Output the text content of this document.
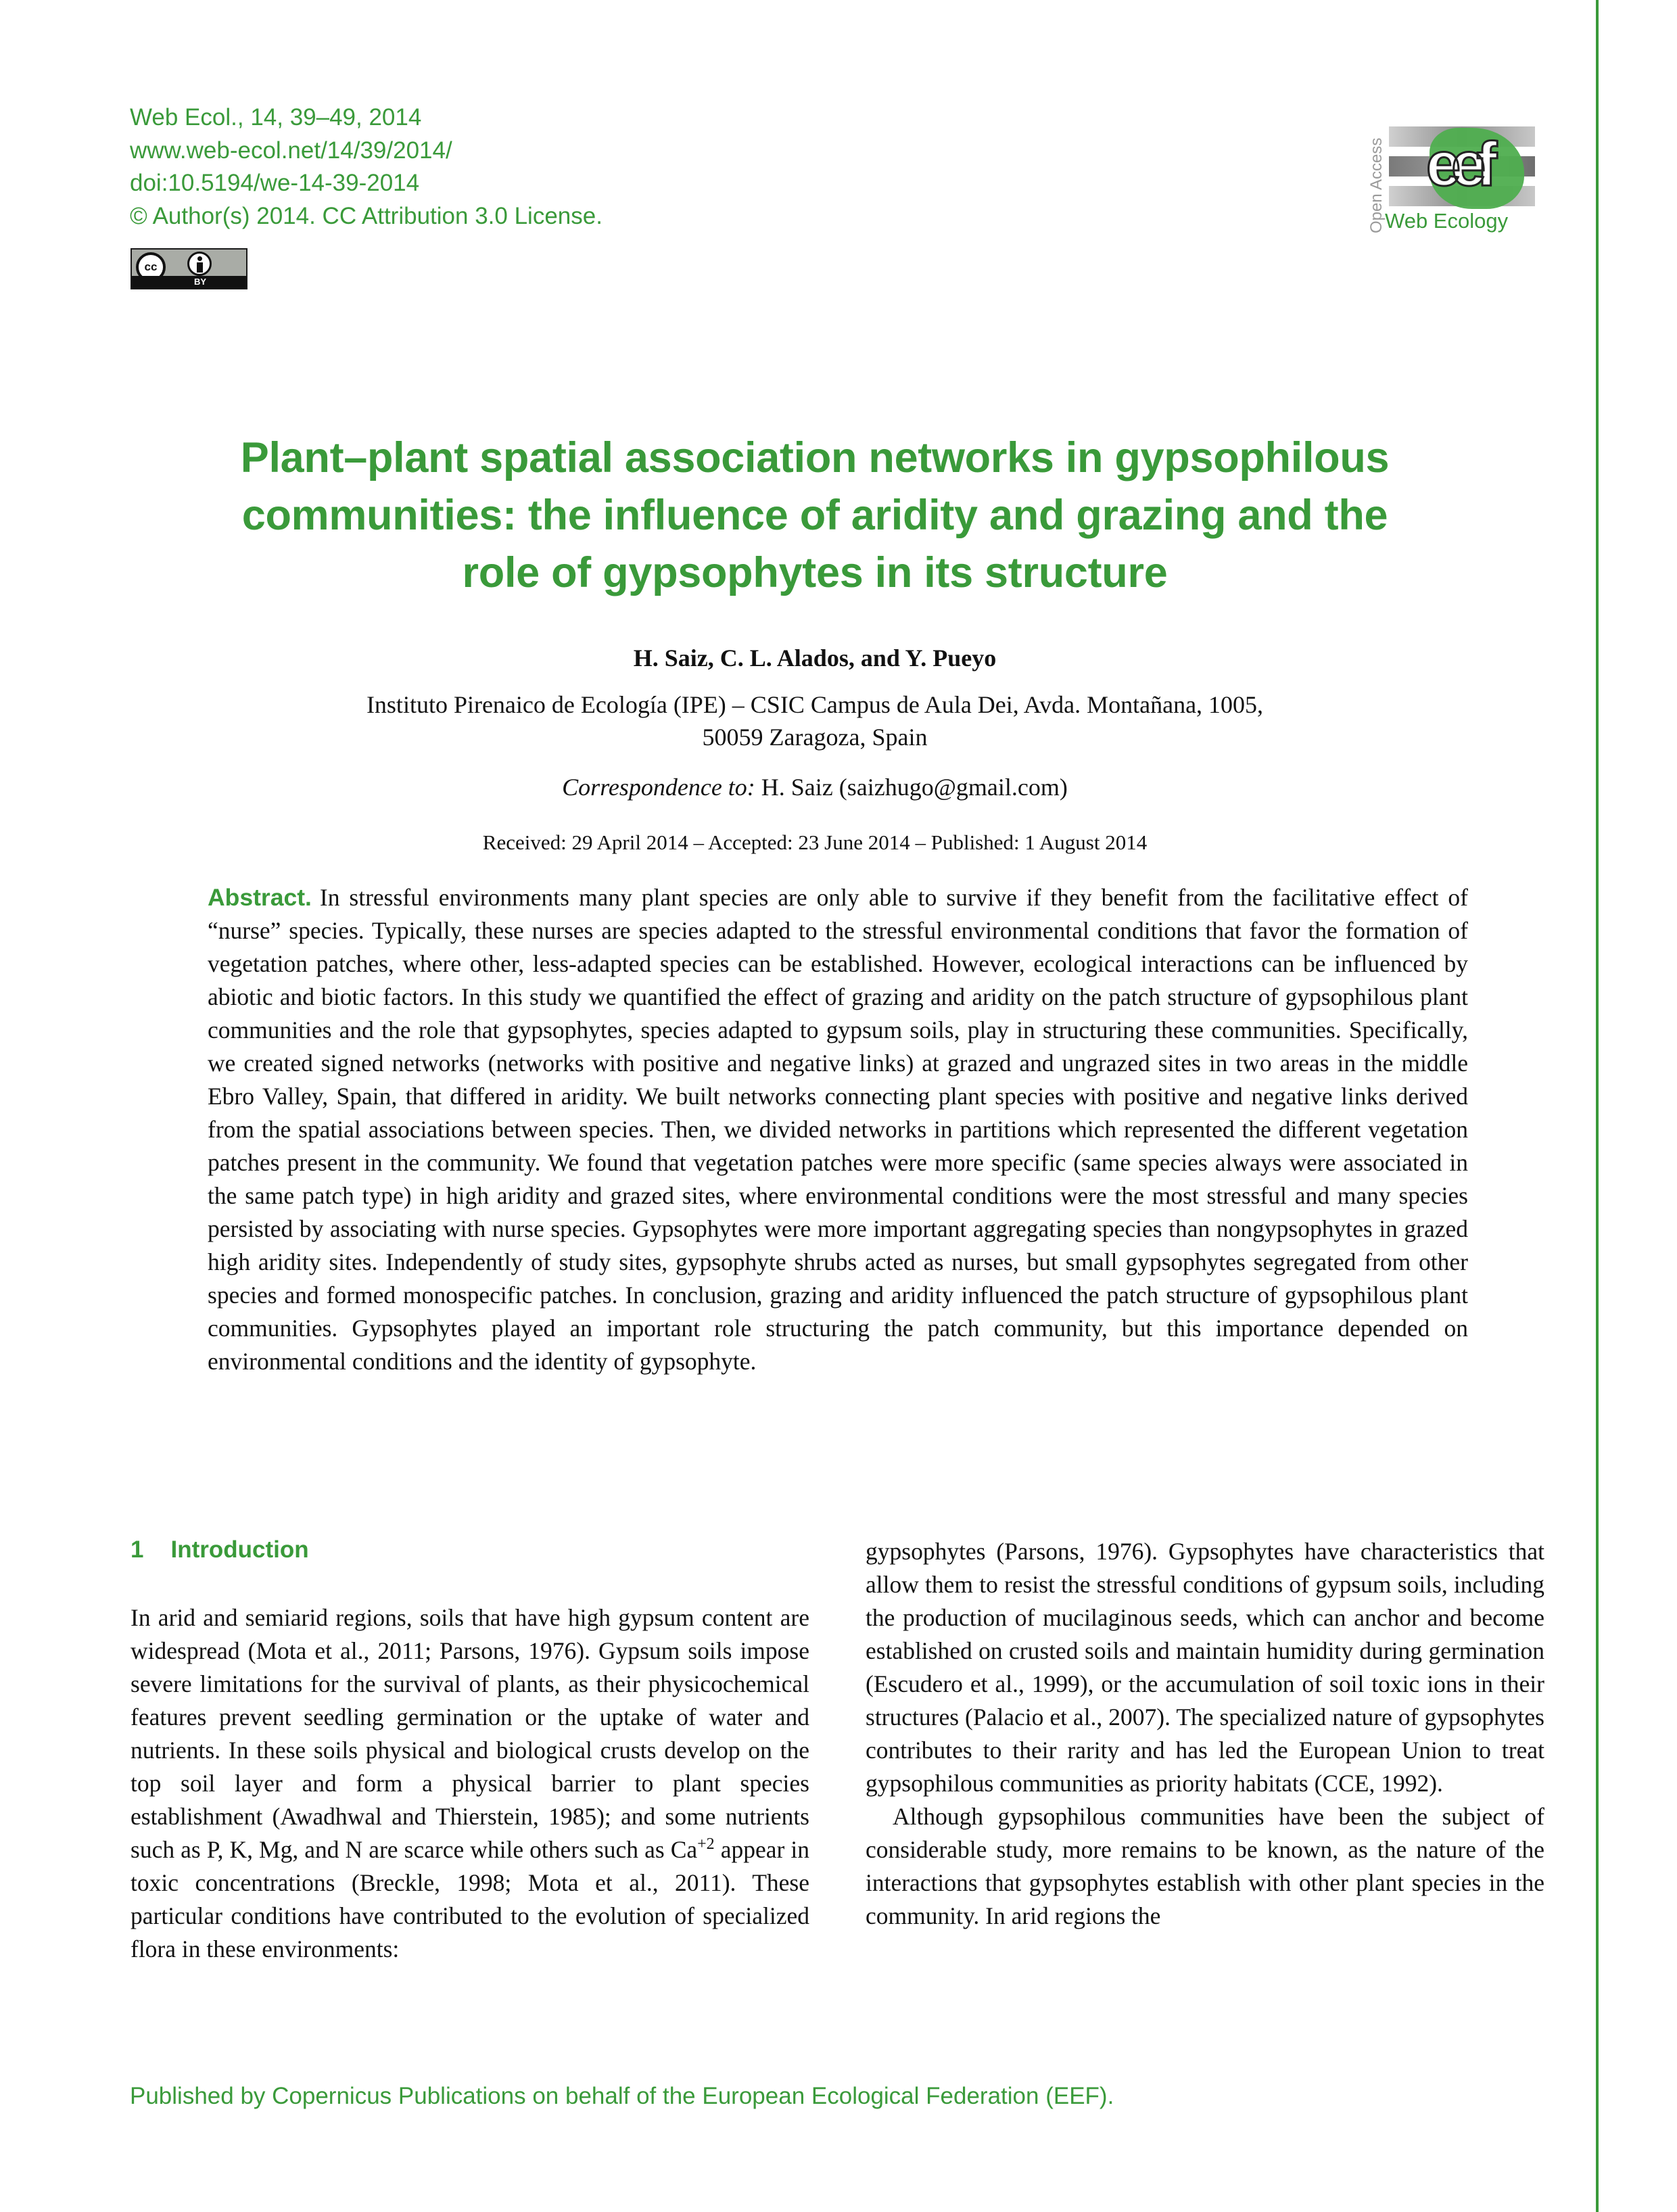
Web Ecol., 14, 39–49, 2014
www.web-ecol.net/14/39/2014/
doi:10.5194/we-14-39-2014
© Author(s) 2014. CC Attribution 3.0 License.
cc
BY
Open Access eef
Web Ecology
Plant–plant spatial association networks in gypsophilous
communities: the influence of aridity and grazing and the
role of gypsophytes in its structure
H. Saiz, C. L. Alados, and Y. Pueyo
Instituto Pirenaico de Ecología (IPE) – CSIC Campus de Aula Dei, Avda. Montañana, 1005,
50059 Zaragoza, Spain
Correspondence to: H. Saiz (saizhugo@gmail.com)
Received: 29 April 2014 – Accepted: 23 June 2014 – Published: 1 August 2014
Abstract. In stressful environments many plant species are only able to survive if they benefit from the facilitative effect of “nurse” species. Typically, these nurses are species adapted to the stressful environmental conditions that favor the formation of vegetation patches, where other, less-adapted species can be established. However, ecological interactions can be influenced by abiotic and biotic factors. In this study we quantified the effect of grazing and aridity on the patch structure of gypsophilous plant communities and the role that gypsophytes, species adapted to gypsum soils, play in structuring these communities. Specifically, we created signed networks (networks with positive and negative links) at grazed and ungrazed sites in two areas in the middle Ebro Valley, Spain, that differed in aridity. We built networks connecting plant species with positive and negative links derived from the spatial associations between species. Then, we divided networks in partitions which represented the different vegetation patches present in the community. We found that vegetation patches were more specific (same species always were associated in the same patch type) in high aridity and grazed sites, where environmental conditions were the most stressful and many species persisted by associating with nurse species. Gypsophytes were more important aggregating species than nongypsophytes in grazed high aridity sites. Independently of study sites, gypsophyte shrubs acted as nurses, but small gypsophytes segregated from other species and formed monospecific patches. In conclusion, grazing and aridity influenced the patch structure of gypsophilous plant communities. Gypsophytes played an important role structuring the patch community, but this importance depended on environmental conditions and the identity of gypsophyte.
1 Introduction

In arid and semiarid regions, soils that have high gypsum content are widespread (Mota et al., 2011; Parsons, 1976). Gypsum soils impose severe limitations for the survival of plants, as their physicochemical features prevent seedling germination or the uptake of water and nutrients. In these soils physical and biological crusts develop on the top soil layer and form a physical barrier to plant species establishment (Awadhwal and Thierstein, 1985); and some nutrients such as P, K, Mg, and N are scarce while others such as $Ca^{+2}$ appear in toxic concentrations (Breckle, 1998; Mota et al., 2011). These particular conditions have contributed to the evolution of specialized flora in these environments:

gypsophytes (Parsons, 1976). Gypsophytes have characteristics that allow them to resist the stressful conditions of gypsum soils, including the production of mucilaginous seeds, which can anchor and become established on crusted soils and maintain humidity during germination (Escudero et al., 1999), or the accumulation of soil toxic ions in their structures (Palacio et al., 2007). The specialized nature of gypsophytes contributes to their rarity and has led the European Union to treat gypsophilous communities as priority habitats (CCE, 1992).

Although gypsophilous communities have been the subject of considerable study, more remains to be known, as the nature of the interactions that gypsophytes establish with other plant species in the community. In arid regions the

Published by Copernicus Publications on behalf of the European Ecological Federation (EEF).
